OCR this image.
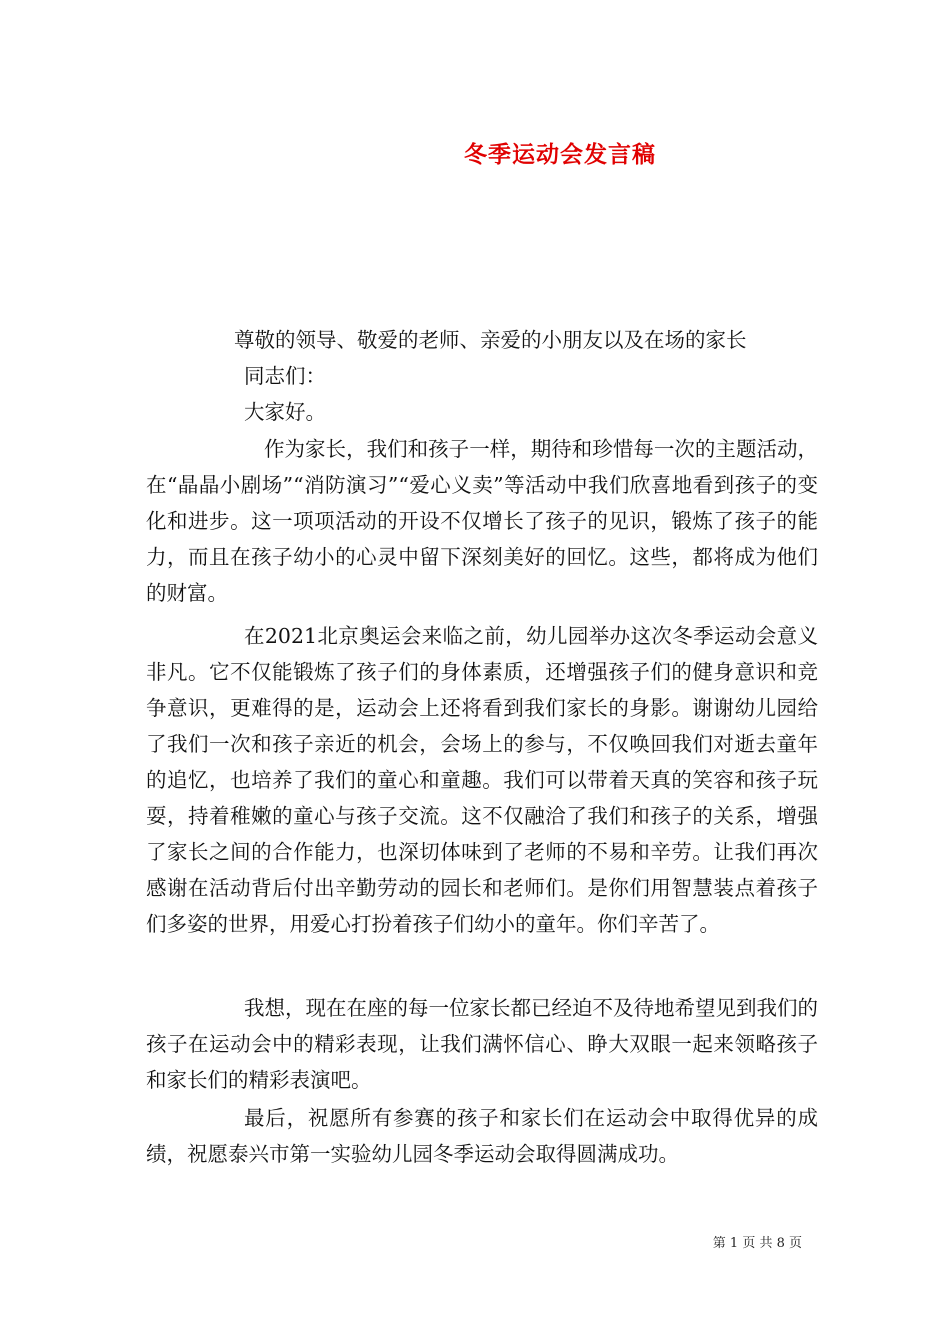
冬季运动会发言稿
尊敬的领导、敬爱的老师、亲爱的小朋友以及在场的家长
同志们：
大家好。
作为家长，我们和孩子一样，期待和珍惜每一次的主题活动，在“晶晶小剧场”“消防演习”“爱心义卖”等活动中我们欣喜地看到孩子的变化和进步。这一项项活动的开设不仅增长了孩子的见识，锻炼了孩子的能力，而且在孩子幼小的心灵中留下深刻美好的回忆。这些，都将成为他们的财富。
在2021北京奥运会来临之前，幼儿园举办这次冬季运动会意义非凡。它不仅能锻炼了孩子们的身体素质，还增强孩子们的健身意识和竞争意识，更难得的是，运动会上还将看到我们家长的身影。谢谢幼儿园给了我们一次和孩子亲近的机会，会场上的参与，不仅唤回我们对逝去童年的追忆，也培养了我们的童心和童趣。我们可以带着天真的笑容和孩子玩耍，持着稚嫩的童心与孩子交流。这不仅融洽了我们和孩子的关系，增强了家长之间的合作能力，也深切体味到了老师的不易和辛劳。让我们再次感谢在活动背后付出辛勤劳动的园长和老师们。是你们用智慧装点着孩子们多姿的世界，用爱心打扮着孩子们幼小的童年。你们辛苦了。
我想，现在在座的每一位家长都已经迫不及待地希望见到我们的孩子在运动会中的精彩表现，让我们满怀信心、睁大双眼一起来领略孩子和家长们的精彩表演吧。
最后，祝愿所有参赛的孩子和家长们在运动会中取得优异的成绩，祝愿泰兴市第一实验幼儿园冬季运动会取得圆满成功。
第 1 页 共 8 页
